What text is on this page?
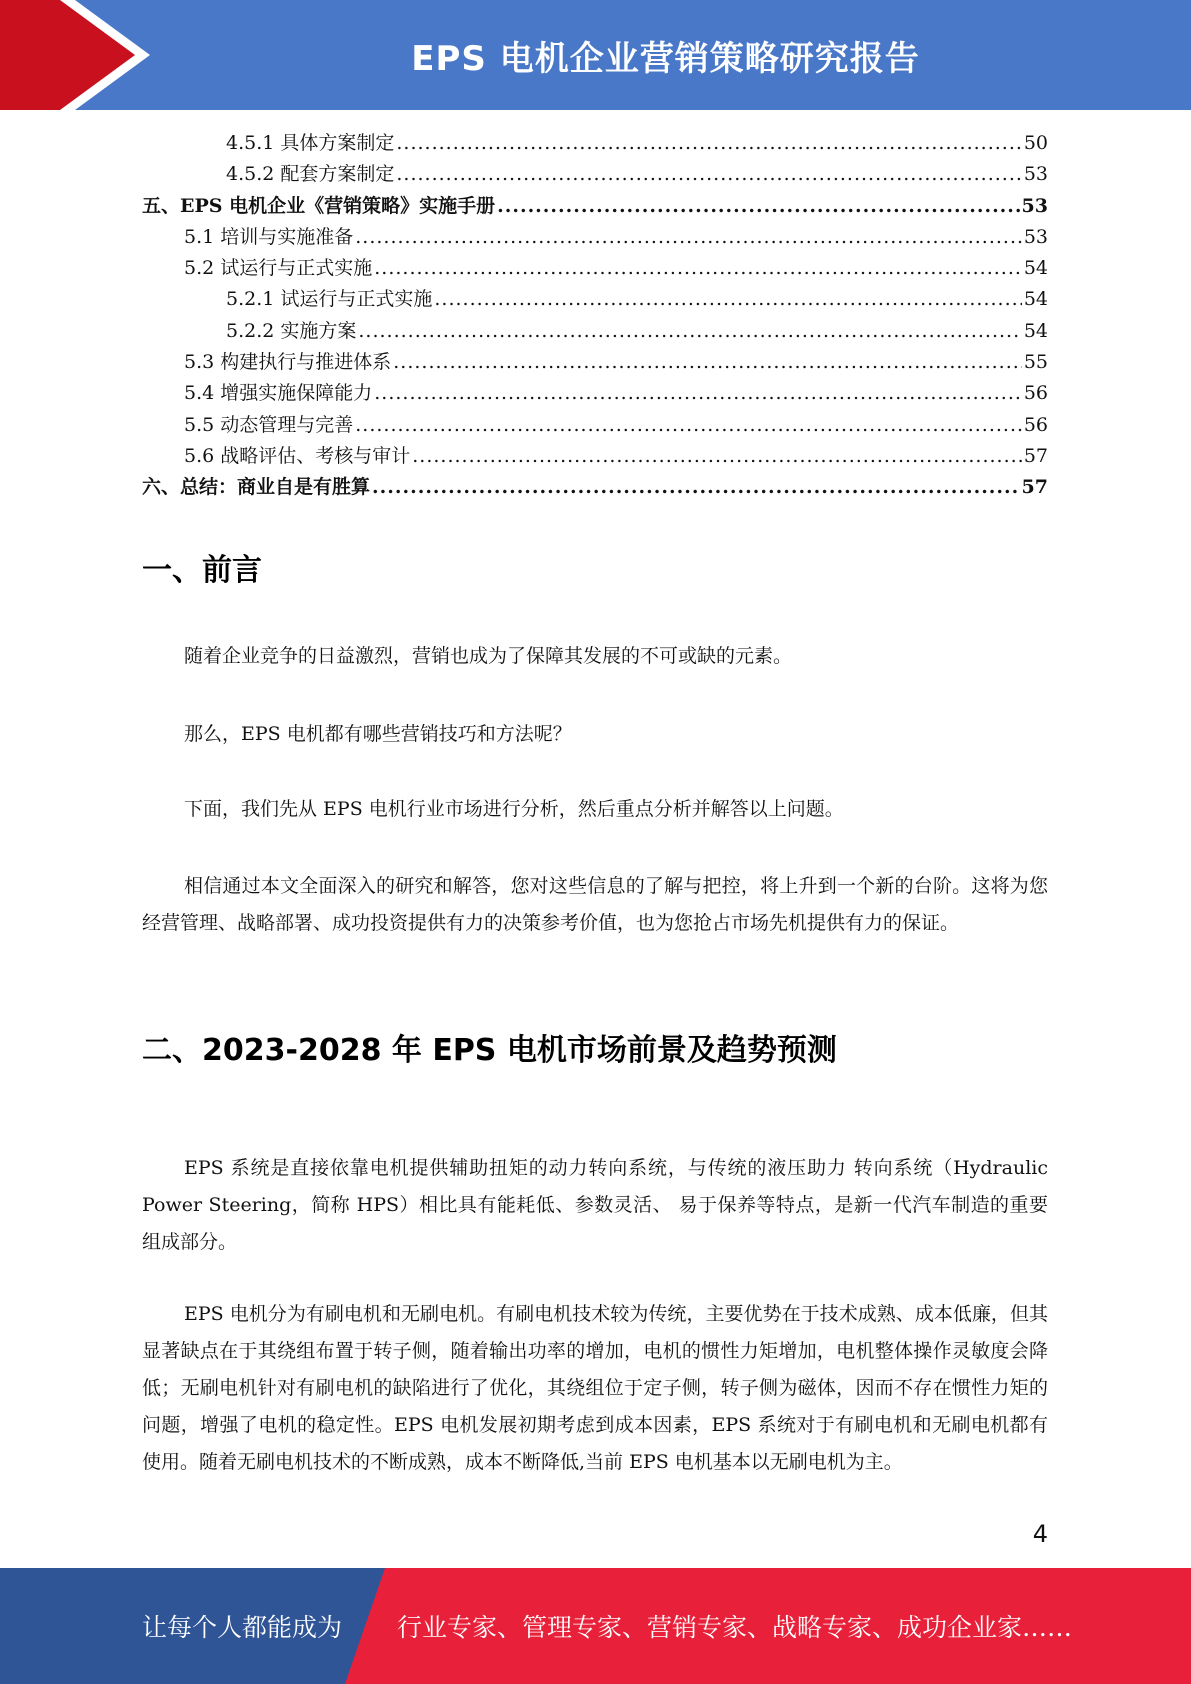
EPS 电机企业营销策略研究报告
4.5.1 具体方案制定 .....	50
4.5.2 配套方案制定 .....	53
五、EPS 电机企业《营销策略》实施手册 .....	53
5.1 培训与实施准备 .....	53
5.2 试运行与正式实施 .....	54
5.2.1 试运行与正式实施 .....	54
5.2.2 实施方案 .....	54
5.3 构建执行与推进体系 .....	55
5.4 增强实施保障能力 .....	56
5.5 动态管理与完善 .....	56
5.6 战略评估、考核与审计 .....	57
六、总结：商业自是有胜算 .....	57
一、前言
随着企业竞争的日益激烈，营销也成为了保障其发展的不可或缺的元素。
那么，EPS 电机都有哪些营销技巧和方法呢？
下面，我们先从 EPS 电机行业市场进行分析，然后重点分析并解答以上问题。
相信通过本文全面深入的研究和解答，您对这些信息的了解与把控，将上升到一个新的台阶。这将为您经营管理、战略部署、成功投资提供有力的决策参考价值，也为您抢占市场先机提供有力的保证。
二、2023-2028 年 EPS 电机市场前景及趋势预测
EPS 系统是直接依靠电机提供辅助扭矩的动力转向系统，与传统的液压助力 转向系统（Hydraulic Power Steering，简称 HPS）相比具有能耗低、参数灵活、 易于保养等特点，是新一代汽车制造的重要组成部分。
EPS 电机分为有刷电机和无刷电机。有刷电机技术较为传统，主要优势在于技术成熟、成本低廉，但其显著缺点在于其绕组布置于转子侧，随着输出功率的增加，电机的惯性力矩增加，电机整体操作灵敏度会降低；无刷电机针对有刷电机的缺陷进行了优化，其绕组位于定子侧，转子侧为磁体，因而不存在惯性力矩的问题，增强了电机的稳定性。EPS 电机发展初期考虑到成本因素，EPS 系统对于有刷电机和无刷电机都有使用。随着无刷电机技术的不断成熟，成本不断降低,当前 EPS 电机基本以无刷电机为主。
4
让每个人都能成为 行业专家、管理专家、营销专家、战略专家、成功企业家……
